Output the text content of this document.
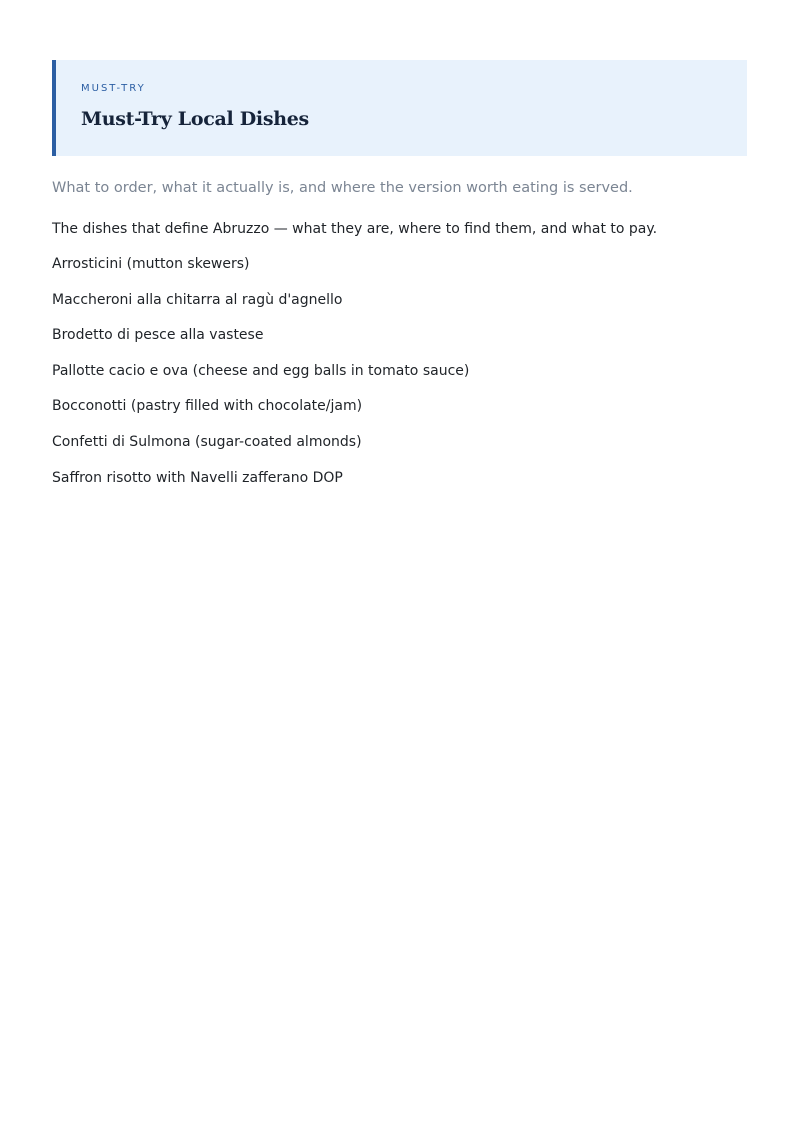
MUST-TRY
Must-Try Local Dishes

What to order, what it actually is, and where the version worth eating is served.

The dishes that define Abruzzo — what they are, where to find them, and what to pay.

Arrosticini (mutton skewers)
Maccheroni alla chitarra al ragù d'agnello
Brodetto di pesce alla vastese
Pallotte cacio e ova (cheese and egg balls in tomato sauce)
Bocconotti (pastry filled with chocolate/jam)
Confetti di Sulmona (sugar-coated almonds)
Saffron risotto with Navelli zafferano DOP
